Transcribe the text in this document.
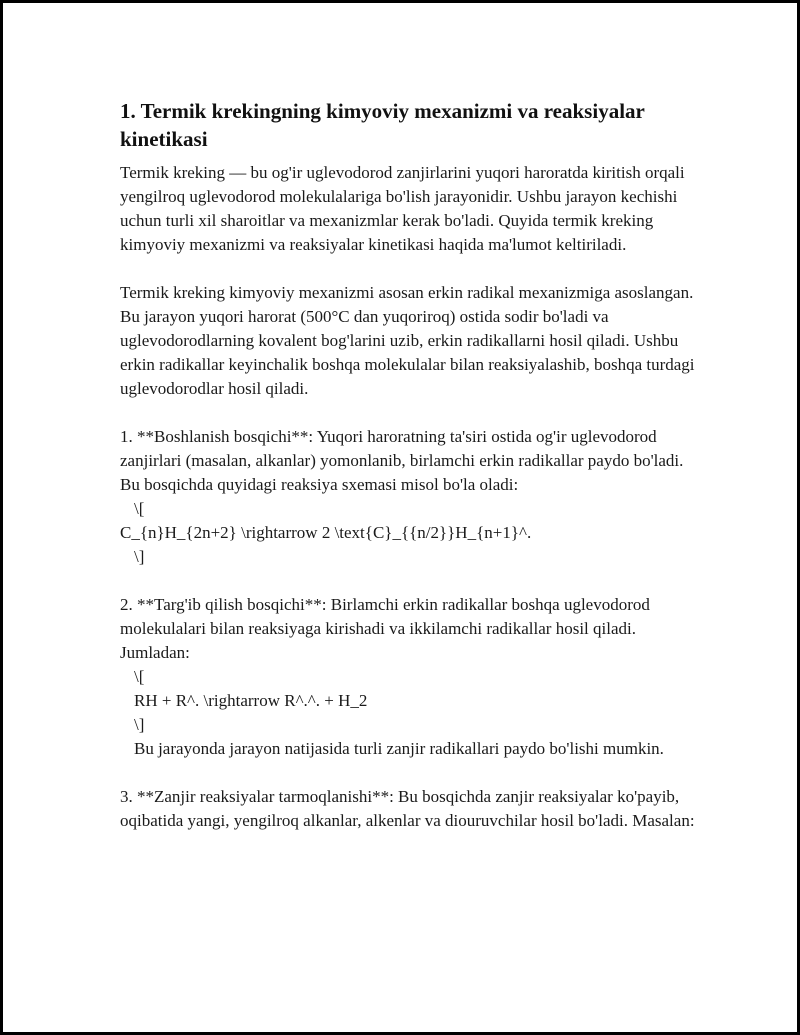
1. Termik krekingning kimyoviy mexanizmi va reaksiyalar kinetikasi

Termik kreking — bu og'ir uglevodorod zanjirlarini yuqori haroratda kiritish orqali yengilroq uglevodorod molekulalariga bo'lish jarayonidir. Ushbu jarayon kechishi uchun turli xil sharoitlar va mexanizmlar kerak bo'ladi. Quyida termik kreking kimyoviy mexanizmi va reaksiyalar kinetikasi haqida ma'lumot keltiriladi.

Termik kreking kimyoviy mexanizmi asosan erkin radikal mexanizmiga asoslangan. Bu jarayon yuqori harorat (500°C dan yuqoriroq) ostida sodir bo'ladi va uglevodorodlarning kovalent bog'larini uzib, erkin radikallarni hosil qiladi. Ushbu erkin radikallar keyinchalik boshqa molekulalar bilan reaksiyalashib, boshqa turdagi uglevodorodlar hosil qiladi.

1. **Boshlanish bosqichi**: Yuqori haroratning ta'siri ostida og'ir uglevodorod zanjirlari (masalan, alkanlar) yomonlanib, birlamchi erkin radikallar paydo bo'ladi. Bu bosqichda quyidagi reaksiya sxemasi misol bo'la oladi:

\[
C_{n}H_{2n+2} \rightarrow 2 \text{C}_{{n/2}}H_{n+1}^.
\]

2. **Targ'ib qilish bosqichi**: Birlamchi erkin radikallar boshqa uglevodorod molekulalari bilan reaksiyaga kirishadi va ikkilamchi radikallar hosil qiladi. Jumladan:

\[
RH + R^. \rightarrow R^.^. + H_2
\]

Bu jarayonda jarayon natijasida turli zanjir radikallari paydo bo'lishi mumkin.

3. **Zanjir reaksiyalar tarmoqlanishi**: Bu bosqichda zanjir reaksiyalar ko'payib, oqibatida yangi, yengilroq alkanlar, alkenlar va diouruvchilar hosil bo'ladi. Masalan:
